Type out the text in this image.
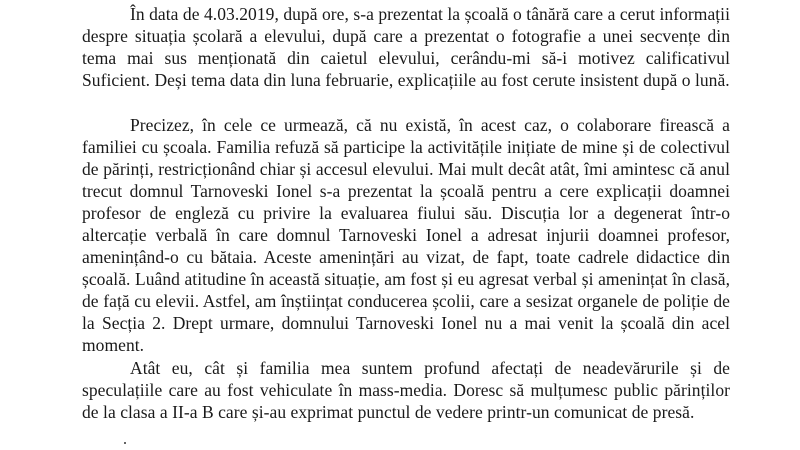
În data de 4.03.2019, după ore, s-a prezentat la școală o tânără care a cerut informații despre situația școlară a elevului, după care a prezentat o fotografie a unei secvențe din tema mai sus menționată din caietul elevului, cerându-mi să-i motivez calificativul Suficient. Deși tema data din luna februarie, explicațiile au fost cerute insistent după o lună.

Precizez, în cele ce urmează, că nu există, în acest caz, o colaborare firească a familiei cu școala. Familia refuză să participe la activitățile inițiate de mine și de colectivul de părinți, restricționând chiar și accesul elevului. Mai mult decât atât, îmi amintesc că anul trecut domnul Tarnoveski Ionel s-a prezentat la școală pentru a cere explicații doamnei profesor de engleză cu privire la evaluarea fiului său. Discuția lor a degenerat într-o altercație verbală în care domnul Tarnoveski Ionel a adresat injurii doamnei profesor, amenințând-o cu bătaia. Aceste amenințări au vizat, de fapt, toate cadrele didactice din școală. Luând atitudine în această situație, am fost și eu agresat verbal și amenințat în clasă, de față cu elevii. Astfel, am înștiințat conducerea școlii, care a sesizat organele de poliție de la Secția 2. Drept urmare, domnului Tarnoveski Ionel nu a mai venit la școală din acel moment.

Atât eu, cât și familia mea suntem profund afectați de neadevărurile și de speculațiile care au fost vehiculate în mass-media. Doresc să mulțumesc public părinților de la clasa a II-a B care și-au exprimat punctul de vedere printr-un comunicat de presă.
